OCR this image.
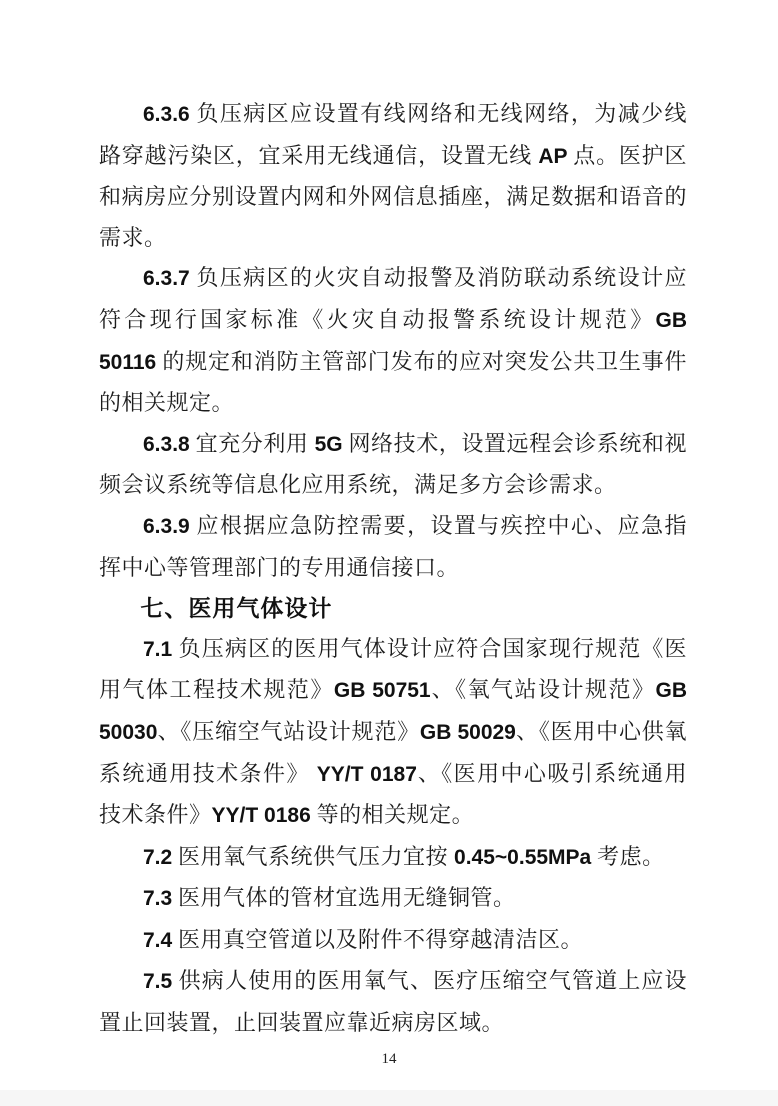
6.3.6 负压病区应设置有线网络和无线网络，为减少线路穿越污染区，宜采用无线通信，设置无线 AP 点。医护区和病房应分别设置内网和外网信息插座，满足数据和语音的需求。

6.3.7 负压病区的火灾自动报警及消防联动系统设计应符合现行国家标准《火灾自动报警系统设计规范》GB 50116 的规定和消防主管部门发布的应对突发公共卫生事件的相关规定。

6.3.8 宜充分利用 5G 网络技术，设置远程会诊系统和视频会议系统等信息化应用系统，满足多方会诊需求。

6.3.9 应根据应急防控需要，设置与疾控中心、应急指挥中心等管理部门的专用通信接口。

七、医用气体设计

7.1 负压病区的医用气体设计应符合国家现行规范《医用气体工程技术规范》GB 50751、《氧气站设计规范》GB 50030、《压缩空气站设计规范》GB 50029、《医用中心供氧系统通用技术条件》 YY/T 0187、《医用中心吸引系统通用技术条件》YY/T 0186 等的相关规定。

7.2 医用氧气系统供气压力宜按 0.45~0.55MPa 考虑。

7.3 医用气体的管材宜选用无缝铜管。

7.4 医用真空管道以及附件不得穿越清洁区。

7.5 供病人使用的医用氧气、医疗压缩空气管道上应设置止回装置，止回装置应靠近病房区域。

14
